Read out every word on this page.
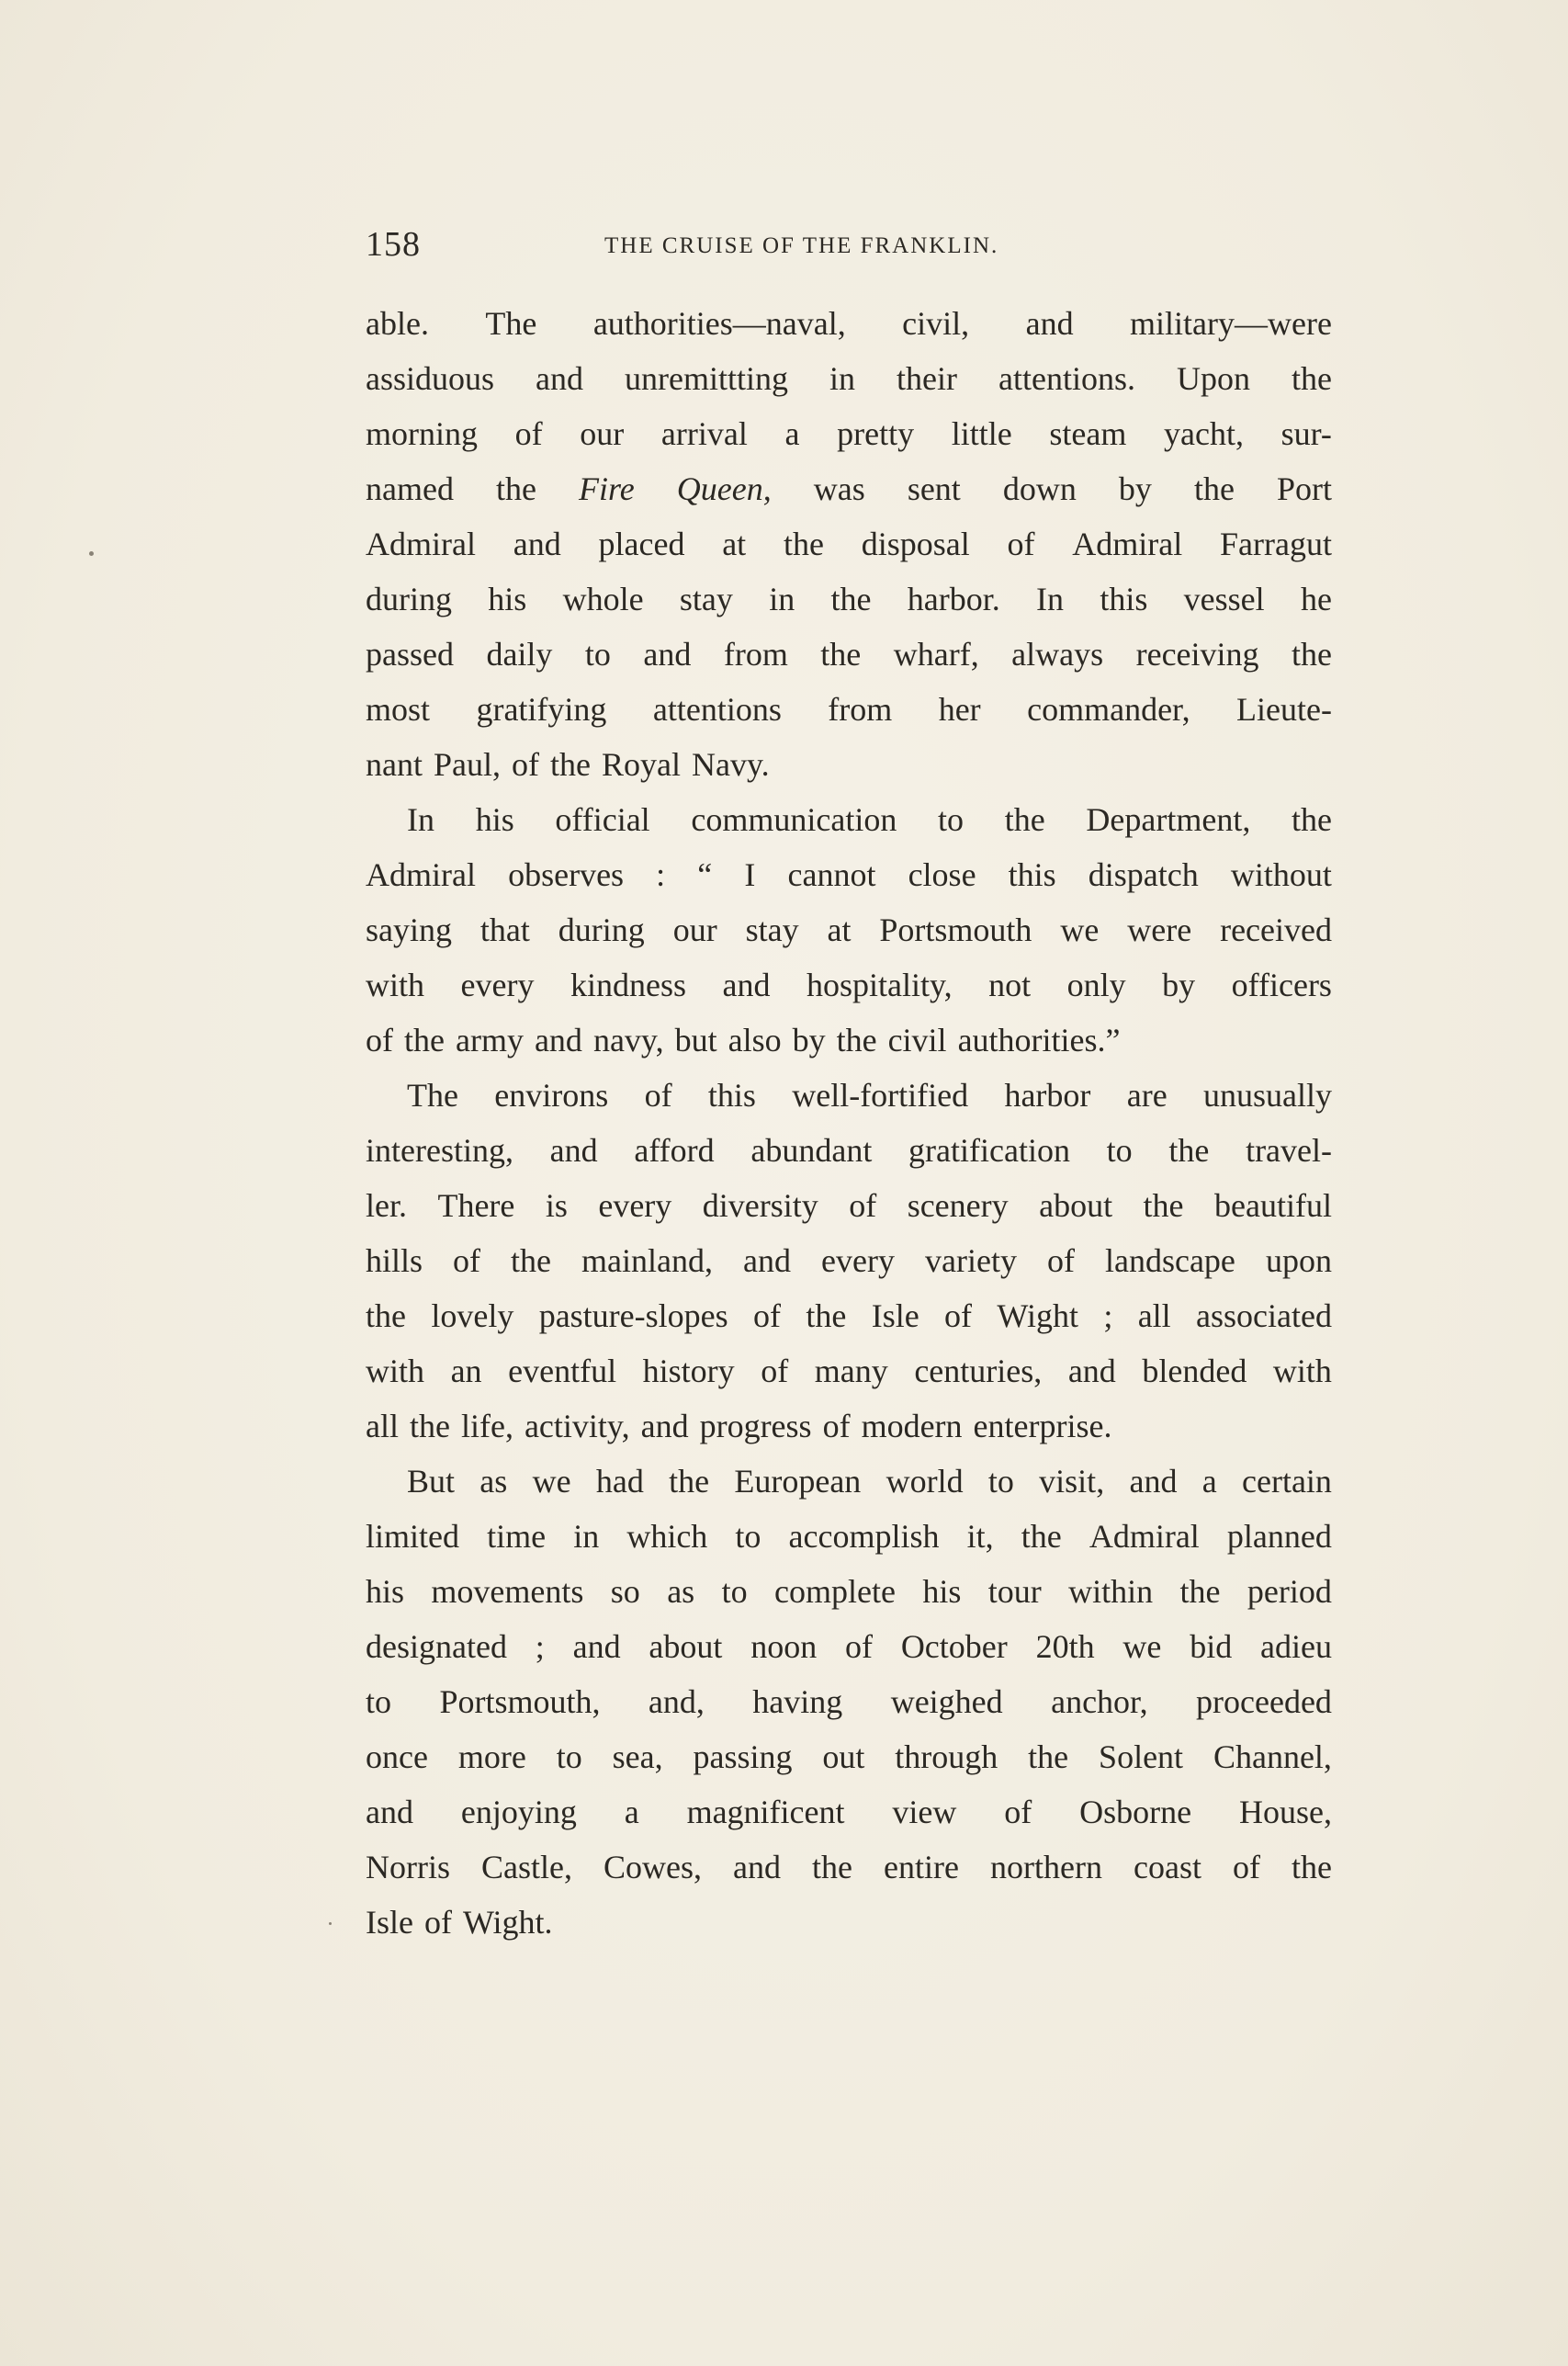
158	THE CRUISE OF THE FRANKLIN.
able. The authorities—naval, civil, and military—were
assiduous and unremittting in their attentions. Upon the
morning of our arrival a pretty little steam yacht, sur-
named the Fire Queen, was sent down by the Port
Admiral and placed at the disposal of Admiral Farragut
during his whole stay in the harbor. In this vessel he
passed daily to and from the wharf, always receiving the
most gratifying attentions from her commander, Lieute-
nant Paul, of the Royal Navy.
In his official communication to the Department, the
Admiral observes : “ I cannot close this dispatch without
saying that during our stay at Portsmouth we were received
with every kindness and hospitality, not only by officers
of the army and navy, but also by the civil authorities.”
The environs of this well-fortified harbor are unusually
interesting, and afford abundant gratification to the travel-
ler. There is every diversity of scenery about the beautiful
hills of the mainland, and every variety of landscape upon
the lovely pasture-slopes of the Isle of Wight ; all associated
with an eventful history of many centuries, and blended with
all the life, activity, and progress of modern enterprise.
But as we had the European world to visit, and a certain
limited time in which to accomplish it, the Admiral planned
his movements so as to complete his tour within the period
designated ; and about noon of October 20th we bid adieu
to Portsmouth, and, having weighed anchor, proceeded
once more to sea, passing out through the Solent Channel,
and enjoying a magnificent view of Osborne House,
Norris Castle, Cowes, and the entire northern coast of the
Isle of Wight.
